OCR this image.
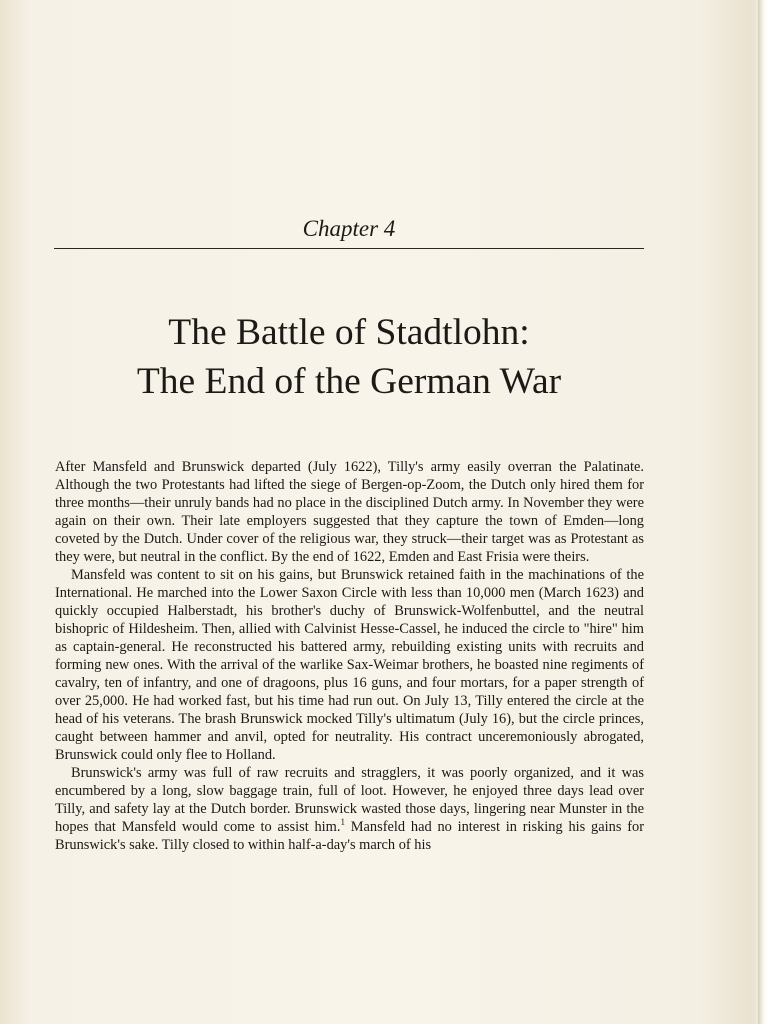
Chapter 4
The Battle of Stadtlohn:
The End of the German War

After Mansfeld and Brunswick departed (July 1622), Tilly's army easily overran the Palatinate. Although the two Protestants had lifted the siege of Bergen-op-Zoom, the Dutch only hired them for three months—their unruly bands had no place in the disciplined Dutch army. In November they were again on their own. Their late employers suggested that they capture the town of Emden—long coveted by the Dutch. Under cover of the religious war, they struck—their target was as Protestant as they were, but neutral in the conflict. By the end of 1622, Emden and East Frisia were theirs.

Mansfeld was content to sit on his gains, but Brunswick retained faith in the machinations of the International. He marched into the Lower Saxon Circle with less than 10,000 men (March 1623) and quickly occupied Halberstadt, his brother's duchy of Brunswick-Wolfenbuttel, and the neutral bishopric of Hildesheim. Then, allied with Calvinist Hesse-Cassel, he induced the circle to "hire" him as captain-general. He reconstructed his battered army, rebuilding existing units with recruits and forming new ones. With the arrival of the warlike Sax-Weimar brothers, he boasted nine regiments of cavalry, ten of infantry, and one of dragoons, plus 16 guns, and four mortars, for a paper strength of over 25,000. He had worked fast, but his time had run out. On July 13, Tilly entered the circle at the head of his veterans. The brash Brunswick mocked Tilly's ultimatum (July 16), but the circle princes, caught between hammer and anvil, opted for neutrality. His contract unceremoniously abrogated, Brunswick could only flee to Holland.

Brunswick's army was full of raw recruits and stragglers, it was poorly organized, and it was encumbered by a long, slow baggage train, full of loot. However, he enjoyed three days lead over Tilly, and safety lay at the Dutch border. Brunswick wasted those days, lingering near Munster in the hopes that Mansfeld would come to assist him.$^1$ Mansfeld had no interest in risking his gains for Brunswick's sake. Tilly closed to within half-a-day's march of his
